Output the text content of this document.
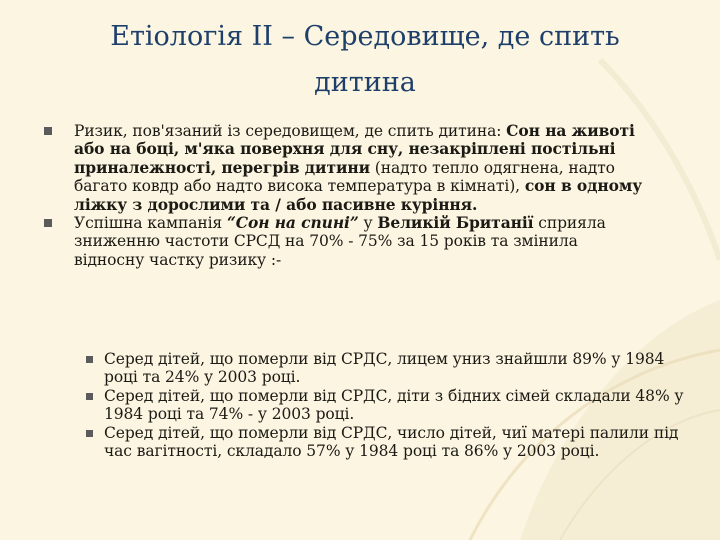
Етіологія ІІ – Середовище, де спить
дитина
Ризик, пов'язаний із середовищем, де спить дитина: Сон на животі або на боці, м'яка поверхня для сну, незакріплені постільні приналежності, перегрів дитини (надто тепло одягнена, надто багато ковдр або надто висока температура в кімнаті), сон в одному ліжку з дорослими та / або пасивне куріння.
Успішна кампанія “Сон на спині” у Великій Британії сприяла зниженню частоти СРСД на 70% - 75% за 15 років та змінила відносну частку ризику :-
Серед дітей, що померли від СРДС, лицем униз знайшли 89% у 1984 році та 24% у 2003 році.
Серед дітей, що померли від СРДС, діти з бідних сімей складали 48% у 1984 році та 74% - у 2003 році.
Серед дітей, що померли від СРДС, число дітей, чиї матері палили під час вагітності, складало 57% у 1984 році та 86% у 2003 році.
